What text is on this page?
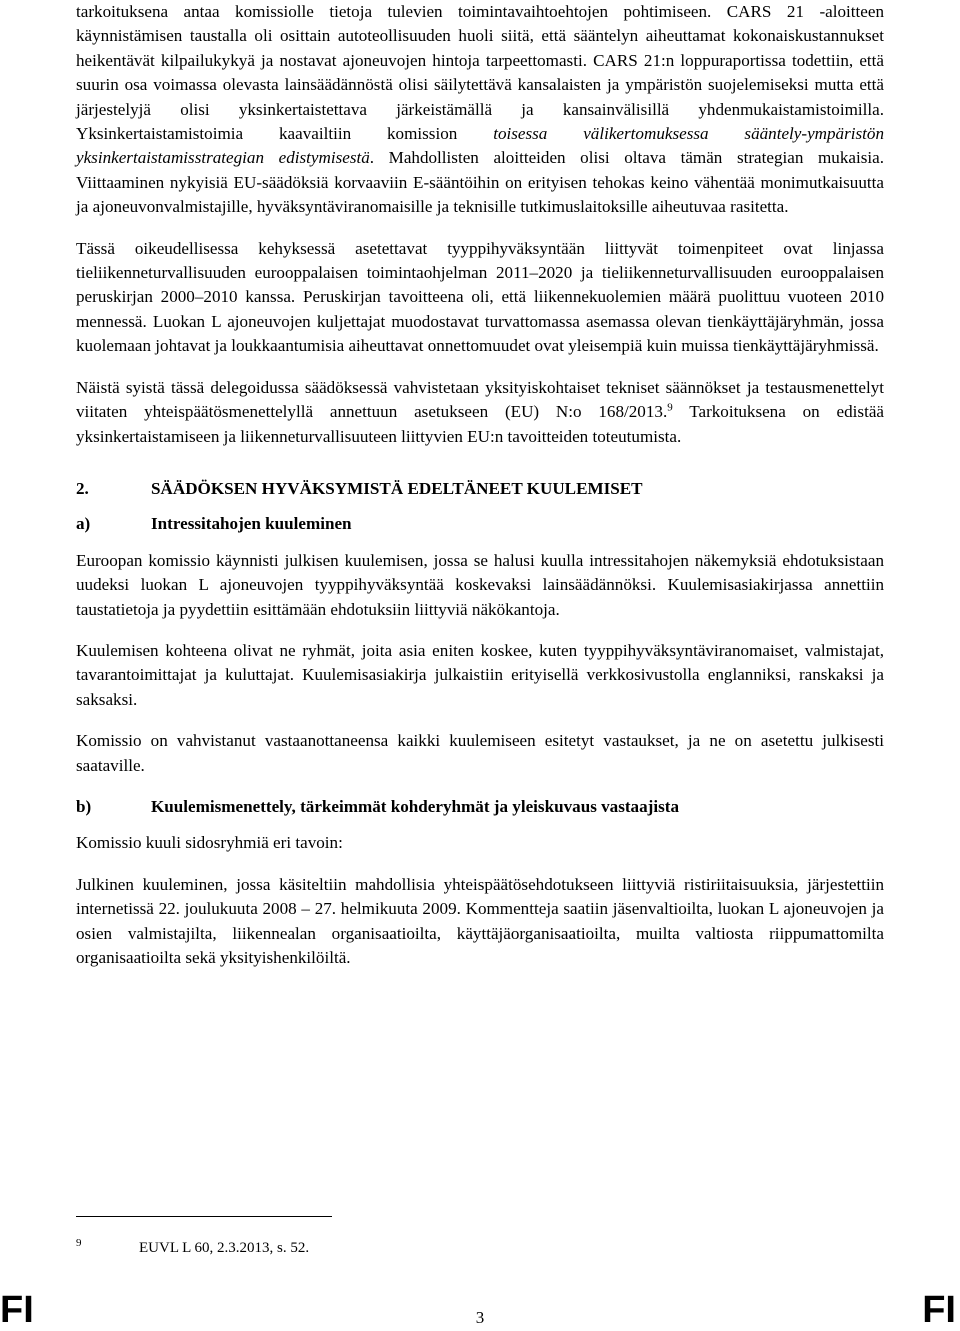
tarkoituksena antaa komissiolle tietoja tulevien toimintavaihtoehtojen pohtimiseen. CARS 21 -aloitteen käynnistämisen taustalla oli osittain autoteollisuuden huoli siitä, että sääntelyn aiheuttamat kokonaiskustannukset heikentävät kilpailukykyä ja nostavat ajoneuvojen hintoja tarpeettomasti. CARS 21:n loppuraportissa todettiin, että suurin osa voimassa olevasta lainsäädännöstä olisi säilytettävä kansalaisten ja ympäristön suojelemiseksi mutta että järjestelyjä olisi yksinkertaistettava järkeistämällä ja kansainvälisillä yhdenmukaistamistoimilla. Yksinkertaistamistoimia kaavailtiin komission toisessa välikertomuksessa sääntely-ympäristön yksinkertaistamisstrategian edistymisestä. Mahdollisten aloitteiden olisi oltava tämän strategian mukaisia. Viittaaminen nykyisiä EU-säädöksiä korvaaviin E-sääntöihin on erityisen tehokas keino vähentää monimutkaisuutta ja ajoneuvonvalmistajille, hyväksyntäviranomaisille ja teknisille tutkimuslaitoksille aiheutuvaa rasitetta.

Tässä oikeudellisessa kehyksessä asetettavat tyyppihyväksyntään liittyvät toimenpiteet ovat linjassa tieliikenneturvallisuuden eurooppalaisen toimintaohjelman 2011–2020 ja tieliikenneturvallisuuden eurooppalaisen peruskirjan 2000–2010 kanssa. Peruskirjan tavoitteena oli, että liikennekuolemien määrä puolittuu vuoteen 2010 mennessä. Luokan L ajoneuvojen kuljettajat muodostavat turvattomassa asemassa olevan tienkäyttäjäryhmän, jossa kuolemaan johtavat ja loukkaantumisia aiheuttavat onnettomuudet ovat yleisempiä kuin muissa tienkäyttäjäryhmissä.

Näistä syistä tässä delegoidussa säädöksessä vahvistetaan yksityiskohtaiset tekniset säännökset ja testausmenettelyt viitaten yhteispäätösmenettelyllä annettuun asetukseen (EU) N:o 168/2013.$^9$ Tarkoituksena on edistää yksinkertaistamiseen ja liikenneturvallisuuteen liittyvien EU:n tavoitteiden toteutumista.

2.	SÄÄDÖKSEN HYVÄKSYMISTÄ EDELTÄNEET KUULEMISET
a)	Intressitahojen kuuleminen

Euroopan komissio käynnisti julkisen kuulemisen, jossa se halusi kuulla intressitahojen näkemyksiä ehdotuksistaan uudeksi luokan L ajoneuvojen tyyppihyväksyntää koskevaksi lainsäädännöksi. Kuulemisasiakirjassa annettiin taustatietoja ja pyydettiin esittämään ehdotuksiin liittyviä näkökantoja.

Kuulemisen kohteena olivat ne ryhmät, joita asia eniten koskee, kuten tyyppihyväksyntäviranomaiset, valmistajat, tavarantoimittajat ja kuluttajat. Kuulemisasiakirja julkaistiin erityisellä verkkosivustolla englanniksi, ranskaksi ja saksaksi.

Komissio on vahvistanut vastaanottaneensa kaikki kuulemiseen esitetyt vastaukset, ja ne on asetettu julkisesti saataville.

b)	Kuulemismenettely, tärkeimmät kohderyhmät ja yleiskuvaus vastaajista

Komissio kuuli sidosryhmiä eri tavoin:

Julkinen kuuleminen, jossa käsiteltiin mahdollisia yhteispäätösehdotukseen liittyviä ristiriitaisuuksia, järjestettiin internetissä 22. joulukuuta 2008 – 27. helmikuuta 2009. Kommentteja saatiin jäsenvaltioilta, luokan L ajoneuvojen ja osien valmistajilta, liikennealan organisaatioilta, käyttäjäorganisaatioilta, muilta valtiosta riippumattomilta organisaatioilta sekä yksityishenkilöiltä.

9	EUVL L 60, 2.3.2013, s. 52.
FI	3	FI
